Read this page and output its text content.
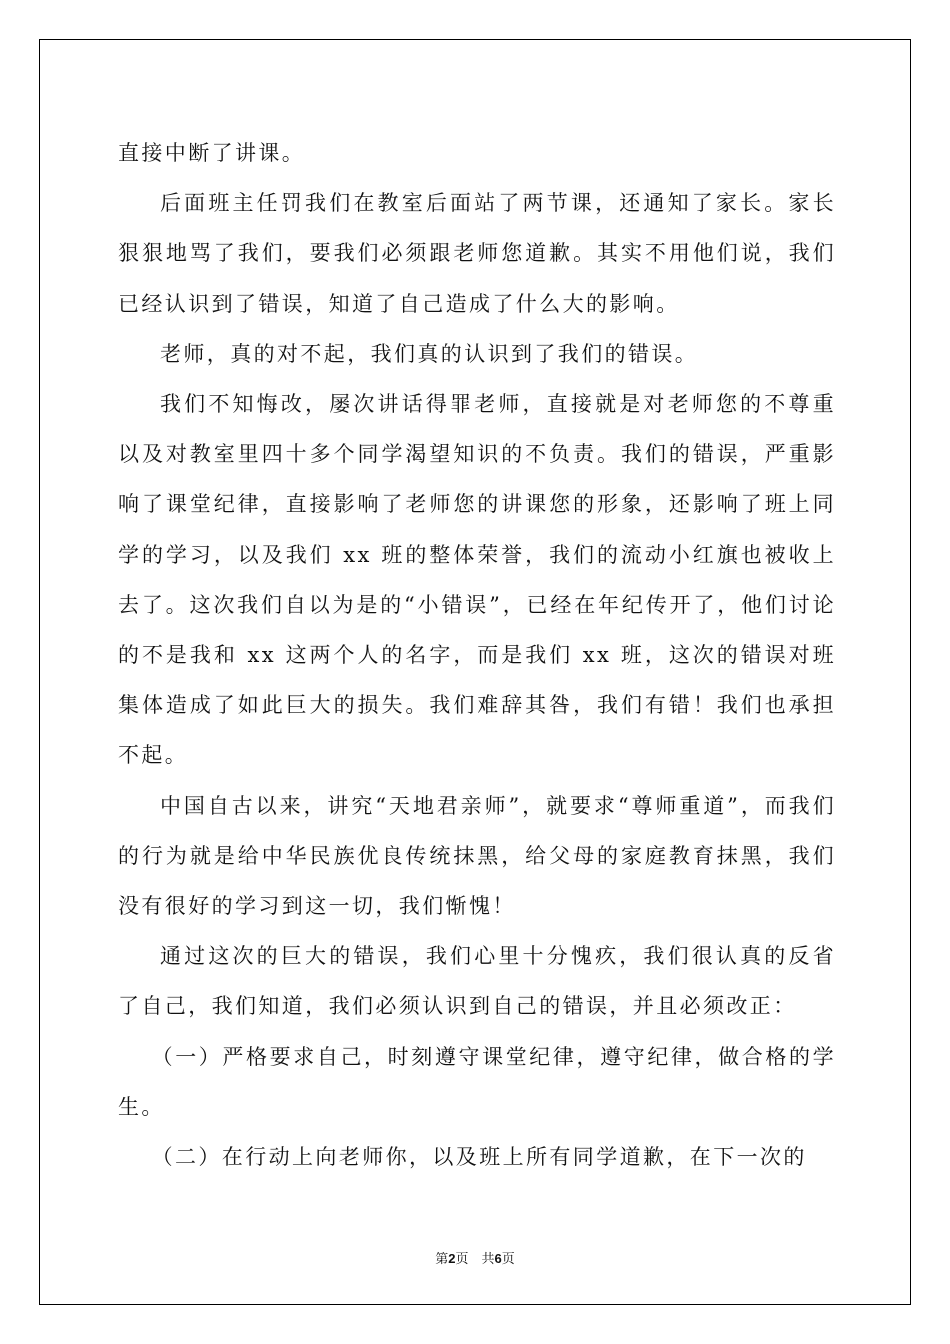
直接中断了讲课。

后面班主任罚我们在教室后面站了两节课，还通知了家长。家长狠狠地骂了我们，要我们必须跟老师您道歉。其实不用他们说，我们已经认识到了错误，知道了自己造成了什么大的影响。

老师，真的对不起，我们真的认识到了我们的错误。

我们不知悔改，屡次讲话得罪老师，直接就是对老师您的不尊重以及对教室里四十多个同学渴望知识的不负责。我们的错误，严重影响了课堂纪律，直接影响了老师您的讲课您的形象，还影响了班上同学的学习，以及我们 xx 班的整体荣誉，我们的流动小红旗也被收上去了。这次我们自以为是的“小错误”，已经在年纪传开了，他们讨论的不是我和 xx 这两个人的名字，而是我们 xx 班，这次的错误对班集体造成了如此巨大的损失。我们难辞其咎，我们有错！我们也承担不起。

中国自古以来，讲究“天地君亲师”，就要求“尊师重道”，而我们的行为就是给中华民族优良传统抹黑，给父母的家庭教育抹黑，我们没有很好的学习到这一切，我们惭愧！

通过这次的巨大的错误，我们心里十分愧疚，我们很认真的反省了自己，我们知道，我们必须认识到自己的错误，并且必须改正：

（一）严格要求自己，时刻遵守课堂纪律，遵守纪律，做合格的学生。

（二）在行动上向老师你，以及班上所有同学道歉，在下一次的

第2页　共6页
